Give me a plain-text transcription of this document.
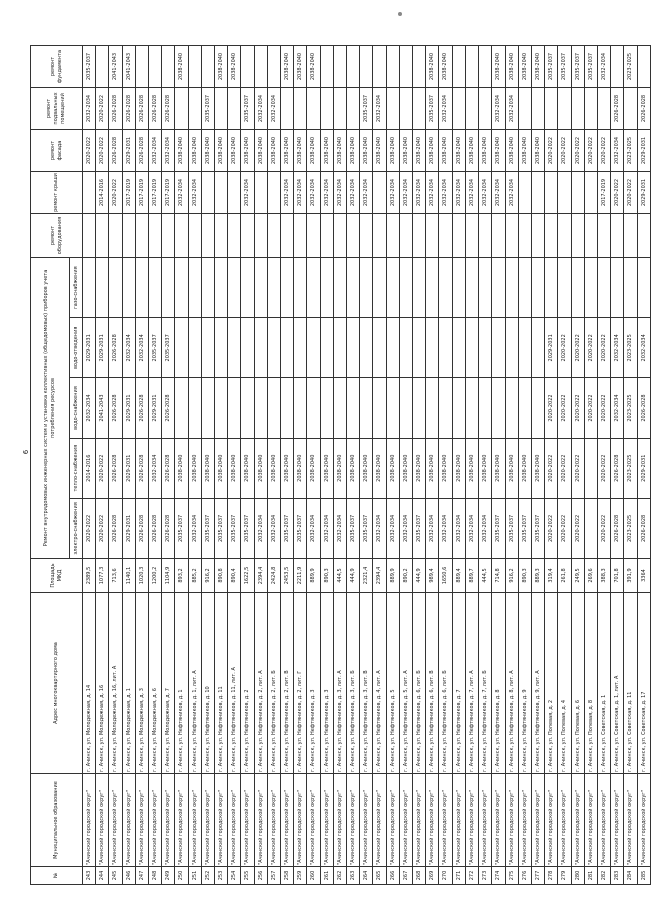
6
№	Муниципальное образование	Адрес многоквартирного дома	Площадь МКД	Ремонт внутридомовых инженерных систем и установка коллективных (общедомовых) приборов учета потребления ресурсов					ремонт оборудования	ремонт крыши	ремонт фасада	ремонт подвальных помещений	ремонт фундамента
				электро-снабжения	тепло-снабжения	водо-снабжения	водо-отведения	газо-снабжения					

243	"Ачинский городской округ"	г. Ачинск, ул. Молодежная, д. 14	2389,5	2020-2022	2014-2016	2032-2034	2029-2031				2020-2022	2032-2034	2035-2037
244	"Ачинский городской округ"	г. Ачинск, ул. Молодежная, д. 16	1077,3	2020-2022	2020-2022	2041-2043	2029-2031			2014-2016	2020-2022	2020-2022	
245	"Ачинский городской округ"	г. Ачинск, ул. Молодежная, д. 16, лит. А	713,6	2026-2028	2026-2028	2026-2028	2026-2028			2020-2022	2026-2028	2026-2028	2041-2043
246	"Ачинский городской округ"	г. Ачинск, ул. Молодежная, д. 1	1140,1	2029-2031	2029-2031	2029-2031	2032-2034			2017-2019	2029-2031	2026-2028	2041-2043
247	"Ачинский городской округ"	г. Ачинск, ул. Молодежная, д. 3	1020,3	2026-2028	2026-2028	2026-2028	2032-2034			2017-2019	2026-2028	2026-2028	
248	"Ачинский городской округ"	г. Ачинск, ул. Молодежная, д. 6	1200,2	2026-2028	2032-2034	2029-2031	2035-2037			2017-2019	2032-2034	2026-2028	
249	"Ачинский городской округ"	г. Ачинск, ул. Молодежная, д. 7	1104,9	2026-2028	2026-2028	2026-2028	2035-2037			2017-2019	2032-2034	2026-2028	
250	"Ачинский городской округ"	г. Ачинск, ул. Нефтяников, д. 1	893,2	2035-2037	2038-2040					2032-2034	2038-2040		2038-2040
251	"Ачинский городской округ"	г. Ачинск, ул. Нефтяников, д. 1, лит. А	885,2	2032-2034	2038-2040					2032-2034	2038-2040		
252	"Ачинский городской округ"	г. Ачинск, ул. Нефтяников, д. 10	916,2	2035-2037	2038-2040						2038-2040	2035-2037	
253	"Ачинский городской округ"	г. Ачинск, ул. Нефтяников, д. 11	890,8	2035-2037	2038-2040						2038-2040		2038-2040
254	"Ачинский городской округ"	г. Ачинск, ул. Нефтяников, д. 11, лит. А	890,4	2035-2037	2038-2040						2038-2040		2038-2040
255	"Ачинский городской округ"	г. Ачинск, ул. Нефтяников, д. 2	1622,5	2035-2037	2038-2040					2032-2034	2038-2040	2035-2037	
256	"Ачинский городской округ"	г. Ачинск, ул. Нефтяников, д. 2, лит. А	2394,4	2032-2034	2038-2040						2038-2040	2032-2034	
257	"Ачинский городской округ"	г. Ачинск, ул. Нефтяников, д. 2, лит. Б	2424,8	2032-2034	2038-2040						2038-2040	2032-2034	
258	"Ачинский городской округ"	г. Ачинск, ул. Нефтяников, д. 2, лит. В	2453,5	2035-2037	2038-2040					2032-2034	2038-2040		2038-2040
259	"Ачинский городской округ"	г. Ачинск, ул. Нефтяников, д. 2, лит. Г	2211,9	2035-2037	2038-2040					2032-2034	2038-2040		2038-2040
260	"Ачинский городской округ"	г. Ачинск, ул. Нефтяников, д. 3	889,9	2032-2034	2038-2040					2032-2034	2038-2040		2038-2040
261	"Ачинский городской округ"	г. Ачинск, ул. Нефтяников, д. 3	890,3	2032-2034	2038-2040					2032-2034	2038-2040		
262	"Ачинский городской округ"	г. Ачинск, ул. Нефтяников, д. 3, лит. А	444,5	2032-2034	2038-2040					2032-2034	2038-2040		
263	"Ачинский городской округ"	г. Ачинск, ул. Нефтяников, д. 3, лит. Б	444,9	2035-2037	2038-2040					2032-2034	2038-2040		
264	"Ачинский городской округ"	г. Ачинск, ул. Нефтяников, д. 3, лит. В	2321,4	2035-2037	2038-2040					2032-2034	2038-2040	2035-2037	
265	"Ачинский городской округ"	г. Ачинск, ул. Нефтяников, д. 4, лит. А	2394,4	2032-2034	2038-2040						2038-2040	2032-2034	
266	"Ачинский городской округ"	г. Ачинск, ул. Нефтяников, д. 5	889,9	2032-2034	2038-2040					2032-2034	2038-2040		
267	"Ачинский городской округ"	г. Ачинск, ул. Нефтяников, д. 5, лит. А	890,2	2032-2034	2038-2040					2032-2034	2038-2040		
268	"Ачинский городской округ"	г. Ачинск, ул. Нефтяников, д. 6, лит. Б	444,9	2035-2037	2038-2040					2032-2034	2038-2040		
269	"Ачинский городской округ"	г. Ачинск, ул. Нефтяников, д. 6, лит. В	989,4	2032-2034	2038-2040					2032-2034	2038-2040	2035-2037	2038-2040
270	"Ачинский городской округ"	г. Ачинск, ул. Нефтяников, д. 6, лит. Б	1650,6	2032-2034	2038-2040					2032-2034	2038-2040	2032-2034	2038-2040
271	"Ачинский городской округ"	г. Ачинск, ул. Нефтяников, д. 7	889,4	2032-2034	2038-2040					2032-2034	2038-2040		
272	"Ачинский городской округ"	г. Ачинск, ул. Нефтяников, д. 7, лит. А	889,7	2032-2034	2038-2040					2032-2034	2038-2040		
273	"Ачинский городской округ"	г. Ачинск, ул. Нефтяников, д. 7, лит. Б	444,5	2032-2034	2038-2040					2032-2034	2038-2040		
274	"Ачинский городской округ"	г. Ачинск, ул. Нефтяников, д. 8	714,8	2035-2037	2038-2040					2032-2034	2038-2040	2032-2034	2038-2040
275	"Ачинский городской округ"	г. Ачинск, ул. Нефтяников, д. 8, лит. А	916,2	2035-2037	2038-2040					2032-2034	2038-2040	2032-2034	2038-2040
276	"Ачинский городской округ"	г. Ачинск, ул. Нефтяников, д. 9	890,3	2035-2037	2038-2040						2038-2040		2038-2040
277	"Ачинский городской округ"	г. Ачинск, ул. Нефтяников, д. 9, лит. А	889,3	2035-2037	2038-2040						2038-2040		2038-2040
278	"Ачинский городской округ"	г. Ачинск, ул. Полевая, д. 2	319,4	2020-2022	2020-2022	2020-2022	2029-2031				2020-2022		2035-2037
279	"Ачинский городской округ"	г. Ачинск, ул. Полевая, д. 4	261,8	2020-2022	2020-2022	2020-2022	2020-2022				2020-2022		2035-2037
280	"Ачинский городской округ"	г. Ачинск, ул. Полевая, д. 6	249,5	2020-2022	2020-2022	2020-2022	2020-2022				2020-2022		2035-2037
281	"Ачинский городской округ"	г. Ачинск, ул. Полевая, д. 8	269,6			2020-2022	2020-2022				2020-2022		2035-2037
282	"Ачинский городской округ"	г. Ачинск, ул. Советская, д. 1	388,3	2020-2022	2020-2022	2020-2022	2020-2022			2017-2019	2020-2022		2032-2034
283	"Ачинский городской округ"	г. Ачинск, ул. Советская, д. 1, лит. А	701,8	2026-2028	2026-2028	2032-2034	2032-2034			2020-2022	2032-2034	2026-2028	
284	"Ачинский городской округ"	г. Ачинск, ул. Советская, д. 11	391,9	2023-2025	2023-2025	2023-2025	2023-2025			2020-2022	2023-2025		2023-2025
285	"Ачинский городской округ"	г. Ачинск, ул. Советская, д. 17	3364	2026-2028	2029-2031	2026-2028	2032-2034			2029-2031	2029-2031	2026-2028	
